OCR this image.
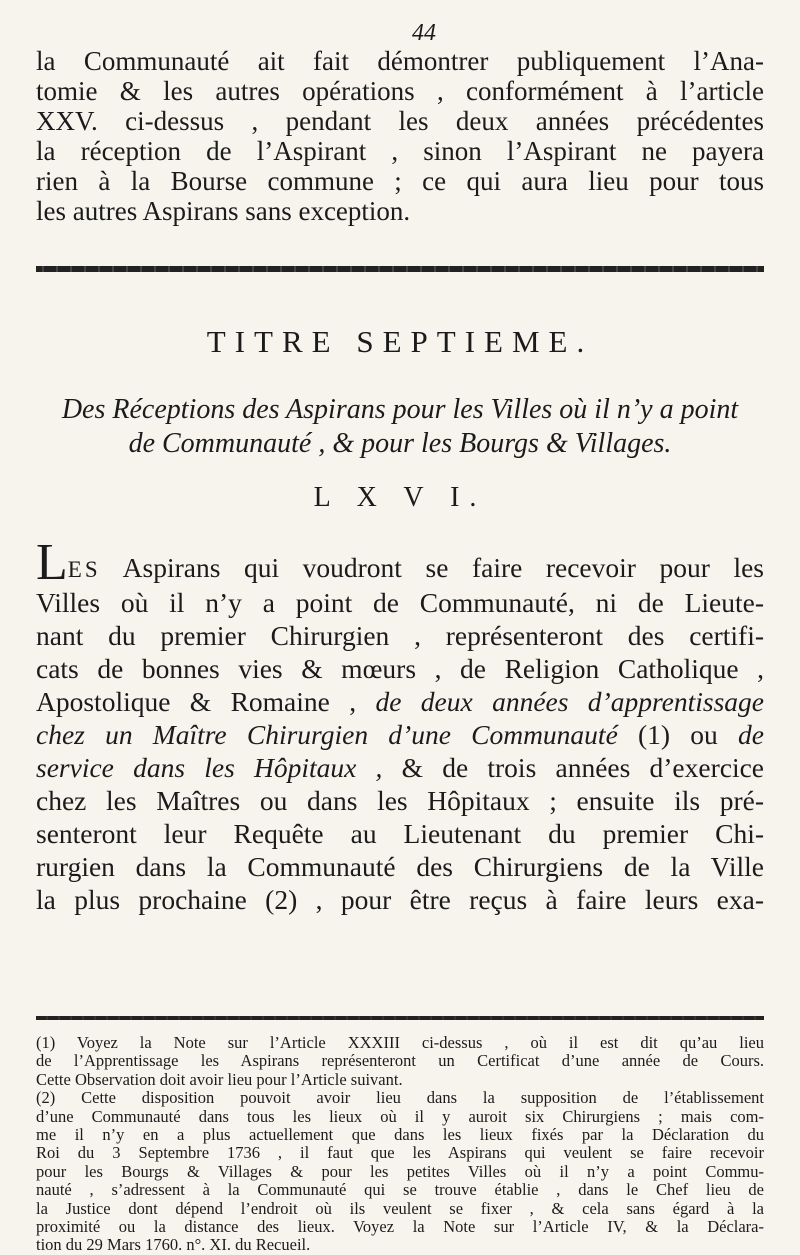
44
la Communauté ait fait démontrer publiquement l’Ana-
tomie & les autres opérations , conformément à l’article
XXV. ci-dessus , pendant les deux années précédentes
la réception de l’Aspirant , sinon l’Aspirant ne payera
rien à la Bourse commune ; ce qui aura lieu pour tous
les autres Aspirans sans exception.
TITRE SEPTIEME.
Des Réceptions des Aspirans pour les Villes où il n’y a point
de Communauté , & pour les Bourgs & Villages.
L X V I.
LES Aspirans qui voudront se faire recevoir pour les
Villes où il n’y a point de Communauté, ni de Lieute-
nant du premier Chirurgien , représenteront des certifi-
cats de bonnes vies & mœurs , de Religion Catholique ,
Apostolique & Romaine , de deux années d’apprentissage
chez un Maître Chirurgien d’une Communauté (1) ou de
service dans les Hôpitaux , & de trois années d’exercice
chez les Maîtres ou dans les Hôpitaux ; ensuite ils pré-
senteront leur Requête au Lieutenant du premier Chi-
rurgien dans la Communauté des Chirurgiens de la Ville
la plus prochaine (2) , pour être reçus à faire leurs exa-
(1) Voyez la Note sur l’Article XXXIII ci-dessus , où il est dit qu’au lieu
de l’Apprentissage les Aspirans représenteront un Certificat d’une année de Cours.
Cette Observation doit avoir lieu pour l’Article suivant.
(2) Cette disposition pouvoit avoir lieu dans la supposition de l’établissement
d’une Communauté dans tous les lieux où il y auroit six Chirurgiens ; mais com-
me il n’y en a plus actuellement que dans les lieux fixés par la Déclaration du
Roi du 3 Septembre 1736 , il faut que les Aspirans qui veulent se faire recevoir
pour les Bourgs & Villages & pour les petites Villes où il n’y a point Commu-
nauté , s’adressent à la Communauté qui se trouve établie , dans le Chef lieu de
la Justice dont dépend l’endroit où ils veulent se fixer , & cela sans égard à la
proximité ou la distance des lieux. Voyez la Note sur l’Article IV, & la Déclara-
tion du 29 Mars 1760. n°. XI. du Recueil.
